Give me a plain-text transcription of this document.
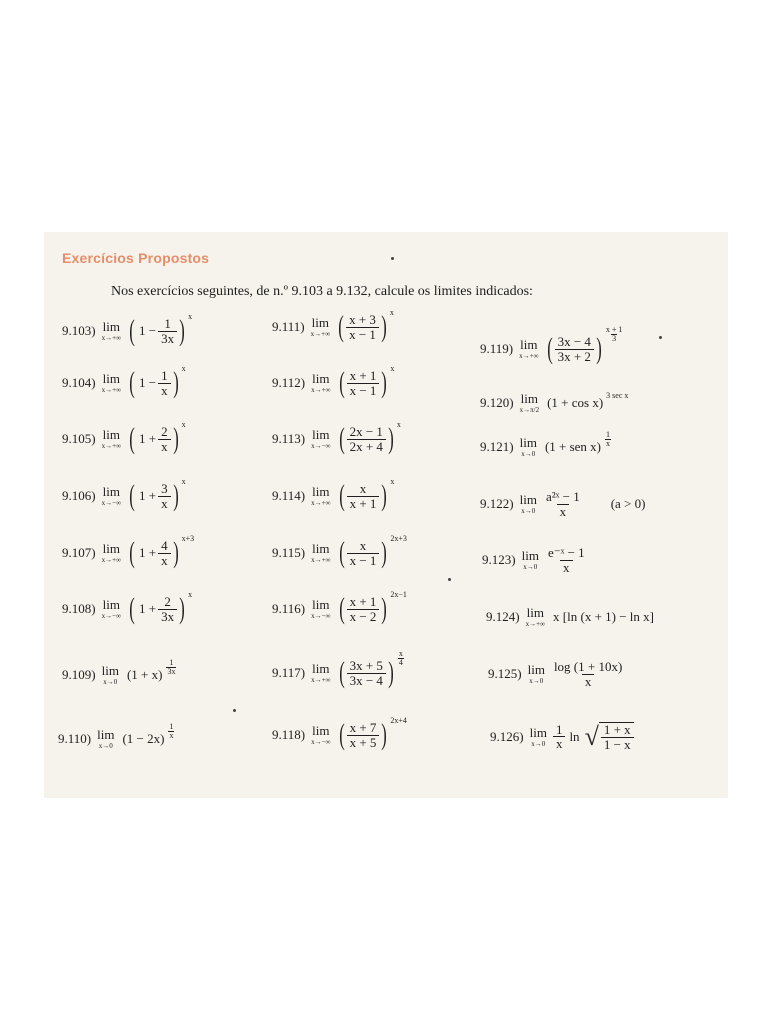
Exercícios Propostos
Nos exercícios seguintes, de n.º 9.103 a 9.132, calcule os limites indicados:
9.103) lim
x→+∞ ( $1 - \frac{1}{3x}$ ) x
9.104) lim
x→+∞ ( $1 - \frac{1}{x}$ ) x
9.105) lim
x→+∞ ( $1 + \frac{2}{x}$ ) x
9.106) lim
x→−∞ ( $1 + \frac{3}{x}$ ) x
9.107) lim
x→+∞ ( $1 + \frac{4}{x}$ ) x+3
9.108) lim
x→−∞ ( $1 + \frac{2}{3x}$ ) x
9.109) lim
x→0 (1 + x)
1
3x
9.110) lim
x→0 (1 − 2x)
1
x
9.111) lim
x→+∞ ( $\frac{x + 3}{x - 1}$ ) x
9.112) lim
x→+∞ ( $\frac{x + 1}{x - 1}$ ) x
9.113) lim
x→−∞ ( $\frac{2x - 1}{2x + 4}$ ) x
9.114) lim
x→+∞ ( $\frac{x}{x + 1}$ ) x
9.115) lim
x→+∞ ( $\frac{x}{x - 1}$ ) 2x+3
9.116) lim
x→−∞ ( $\frac{x + 1}{x - 2}$ ) 2x−1
9.117) lim
x→+∞ ( $\frac{3x + 5}{3x - 4}$ )
x
4
9.118) lim
x→−∞ ( $\frac{x + 7}{x + 5}$ ) 2x+4
9.119) lim
x→+∞ ( $\frac{3x - 4}{3x + 2}$ )
x + 1
3
9.120) lim
x→π/2 (1 + cos x) 3 sec x
9.121) lim
x→0 (1 + sen x)
1
x
9.122) lim
$x\to 0 \frac{\text{a²ˣ − 1}}{x} (a > 0)$
9.123) lim
$x\to 0 \frac{\text{e⁻ˣ − 1}}{x}$
9.124) lim
x→+∞ x [ln (x + 1) − ln x]
9.125) lim
$x\to 0 \frac{\log (1 + 10x)}{x}$
9.126) lim
$x\to 0 \frac{1}{x}$ ln √ $\frac{1 + x}{1 - x}$
